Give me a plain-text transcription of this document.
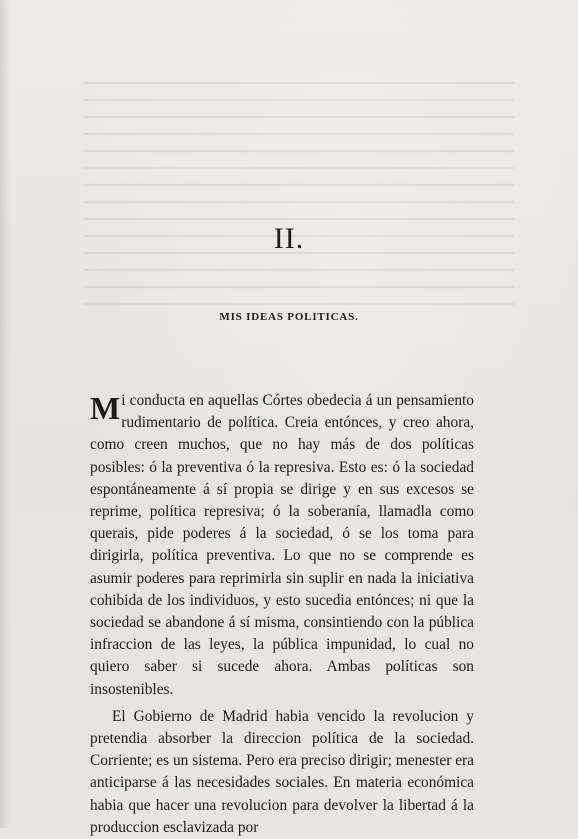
II.
MIS IDEAS POLITICAS.

Mi conducta en aquellas Córtes obedecia á un pensamiento rudimentario de política. Creia entónces, y creo ahora, como creen muchos, que no hay más de dos políticas posibles: ó la preventiva ó la represiva. Esto es: ó la sociedad espontáneamente á sí propia se dirige y en sus excesos se reprime, política represiva; ó la soberanía, llamadla como querais, pide poderes á la sociedad, ó se los toma para dirigirla, política preventiva. Lo que no se comprende es asumir poderes para reprimirla sin suplir en nada la iniciativa cohibida de los individuos, y esto sucedia entónces; ni que la sociedad se abandone á sí misma, consintiendo con la pública infraccion de las leyes, la pública impunidad, lo cual no quiero saber si sucede ahora. Ambas políticas son insostenibles.

El Gobierno de Madrid habia vencido la revolucion y pretendia absorber la direccion política de la sociedad. Corriente; es un sistema. Pero era preciso dirigir; menester era anticiparse á las necesidades sociales. En materia económica habia que hacer una revolucion para devolver la libertad á la produccion esclavizada por
